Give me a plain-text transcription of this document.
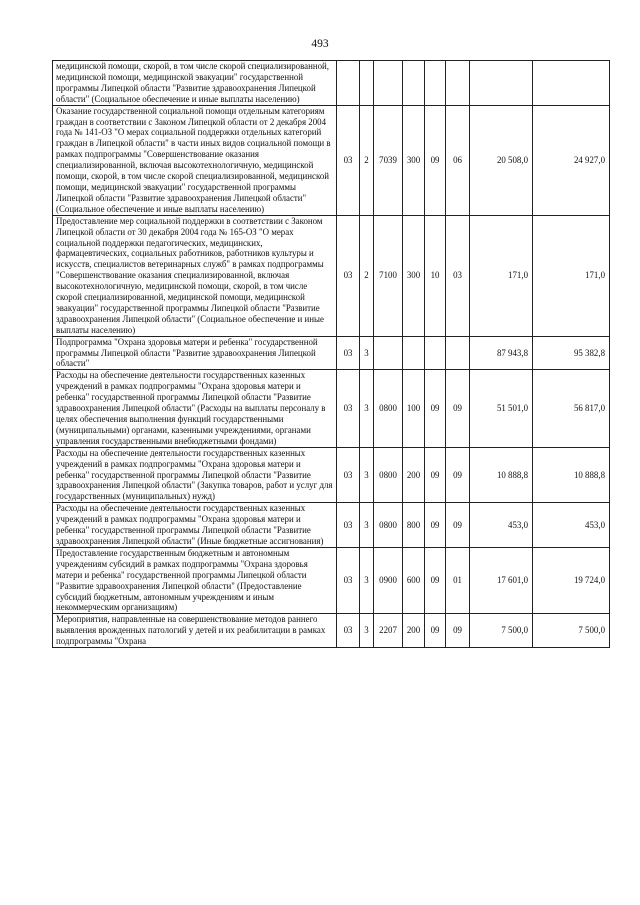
493
медицинской помощи, скорой, в том числе скорой специализированной, медицинской помощи, медицинской эвакуации" государственной программы Липецкой области "Развитие здравоохранения Липецкой области" (Социальное обеспечение и иные выплаты населению)								
Оказание государственной социальной помощи отдельным категориям граждан в соответствии с Законом Липецкой области от 2 декабря 2004 года № 141-ОЗ "О мерах социальной поддержки отдельных категорий граждан в Липецкой области" в части иных видов социальной помощи в рамках подпрограммы "Совершенствование оказания специализированной, включая высокотехнологичную, медицинской помощи, скорой, в том числе скорой специализированной, медицинской помощи, медицинской эвакуации" государственной программы Липецкой области "Развитие здравоохранения Липецкой области" (Социальное обеспечение и иные выплаты населению)	03	2	7039	300	09	06	20 508,0	24 927,0
Предоставление мер социальной поддержки в соответствии с Законом Липецкой области от 30 декабря 2004 года № 165-ОЗ "О мерах социальной поддержки педагогических, медицинских, фармацевтических, социальных работников, работников культуры и искусств, специалистов ветеринарных служб" в рамках подпрограммы "Совершенствование оказания специализированной, включая высокотехнологичную, медицинской помощи, скорой, в том числе скорой специализированной, медицинской помощи, медицинской эвакуации" государственной программы Липецкой области "Развитие здравоохранения Липецкой области" (Социальное обеспечение и иные выплаты населению)	03	2	7100	300	10	03	171,0	171,0
Подпрограмма "Охрана здоровья матери и ребенка" государственной программы Липецкой области "Развитие здравоохранения Липецкой области"	03	3					87 943,8	95 382,8
Расходы на обеспечение деятельности государственных казенных учреждений в рамках подпрограммы "Охрана здоровья матери и ребенка" государственной программы Липецкой области "Развитие здравоохранения Липецкой области" (Расходы на выплаты персоналу в целях обеспечения выполнения функций государственными (муниципальными) органами, казенными учреждениями, органами управления государственными внебюджетными фондами)	03	3	0800	100	09	09	51 501,0	56 817,0
Расходы на обеспечение деятельности государственных казенных учреждений в рамках подпрограммы "Охрана здоровья матери и ребенка" государственной программы Липецкой области "Развитие здравоохранения Липецкой области" (Закупка товаров, работ и услуг для государственных (муниципальных) нужд)	03	3	0800	200	09	09	10 888,8	10 888,8
Расходы на обеспечение деятельности государственных казенных учреждений в рамках подпрограммы "Охрана здоровья матери и ребенка" государственной программы Липецкой области "Развитие здравоохранения Липецкой области" (Иные бюджетные ассигнования)	03	3	0800	800	09	09	453,0	453,0
Предоставление государственным бюджетным и автономным учреждениям субсидий в рамках подпрограммы "Охрана здоровья матери и ребенка" государственной программы Липецкой области "Развитие здравоохранения Липецкой области" (Предоставление субсидий бюджетным, автономным учреждениям и иным некоммерческим организациям)	03	3	0900	600	09	01	17 601,0	19 724,0
Мероприятия, направленные на совершенствование методов раннего выявления врожденных патологий у детей и их реабилитации в рамках подпрограммы "Охрана	03	3	2207	200	09	09	7 500,0	7 500,0
